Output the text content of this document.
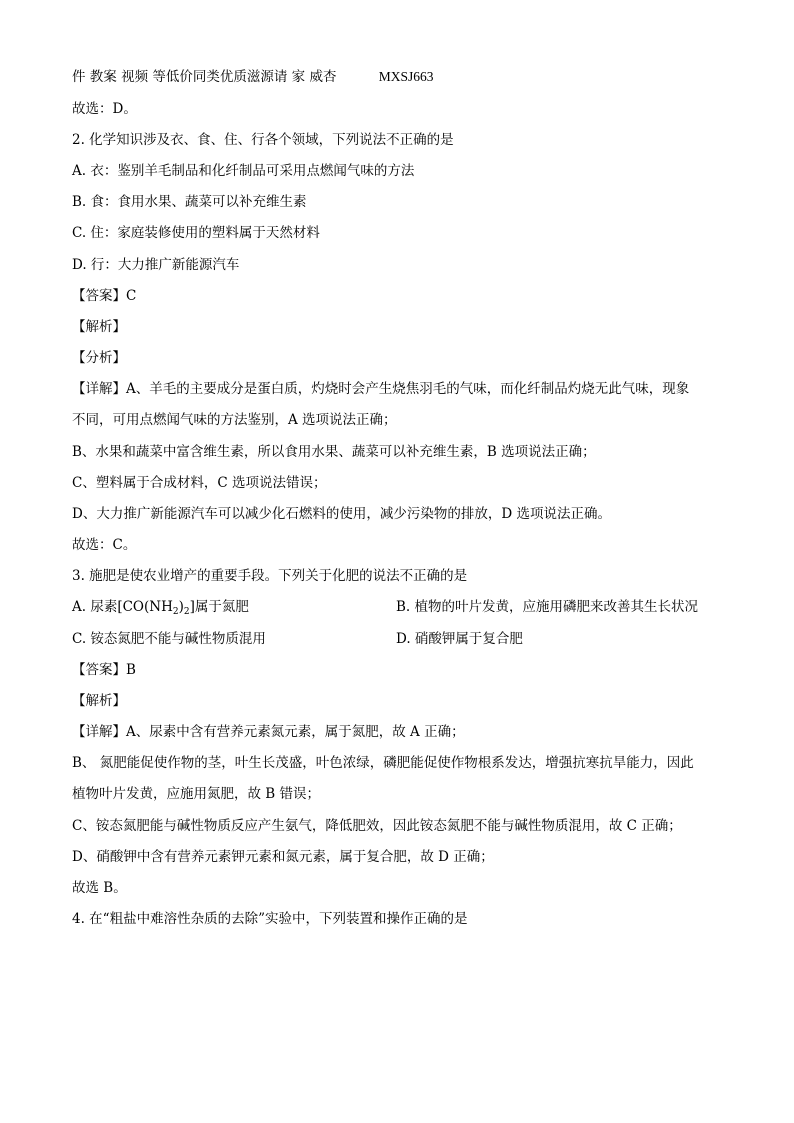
件 教案 视频 等低价同类优质滋源请 家 威杏	MXSJ663
故选：D。
2. 化学知识涉及衣、食、住、行各个领域，下列说法不正确的是
A. 衣：鉴别羊毛制品和化纤制品可采用点燃闻气味的方法
B. 食：食用水果、蔬菜可以补充维生素
C. 住：家庭装修使用的塑料属于天然材料
D. 行：大力推广新能源汽车
【答案】C
【解析】
【分析】
【详解】A、羊毛的主要成分是蛋白质，灼烧时会产生烧焦羽毛的气味，而化纤制品灼烧无此气味，现象
不同，可用点燃闻气味的方法鉴别，A 选项说法正确；
B、水果和蔬菜中富含维生素，所以食用水果、蔬菜可以补充维生素，B 选项说法正确；
C、塑料属于合成材料，C 选项说法错误；
D、大力推广新能源汽车可以减少化石燃料的使用，减少污染物的排放，D 选项说法正确。
故选：C。
3. 施肥是使农业增产的重要手段。下列关于化肥的说法不正确的是
A. 尿素$[CO(NH_2)_2]$属于氮肥	B. 植物的叶片发黄，应施用磷肥来改善其生长状况
C. 铵态氮肥不能与碱性物质混用	D. 硝酸钾属于复合肥
【答案】B
【解析】
【详解】A、尿素中含有营养元素氮元素，属于氮肥，故 A 正确；
B、 氮肥能促使作物的茎，叶生长茂盛，叶色浓绿，磷肥能促使作物根系发达，增强抗寒抗旱能力，因此
植物叶片发黄，应施用氮肥，故 B 错误；
C、铵态氮肥能与碱性物质反应产生氨气，降低肥效，因此铵态氮肥不能与碱性物质混用，故 C 正确；
D、硝酸钾中含有营养元素钾元素和氮元素，属于复合肥，故 D 正确；
故选 B。
4. 在“粗盐中难溶性杂质的去除”实验中，下列装置和操作正确的是
